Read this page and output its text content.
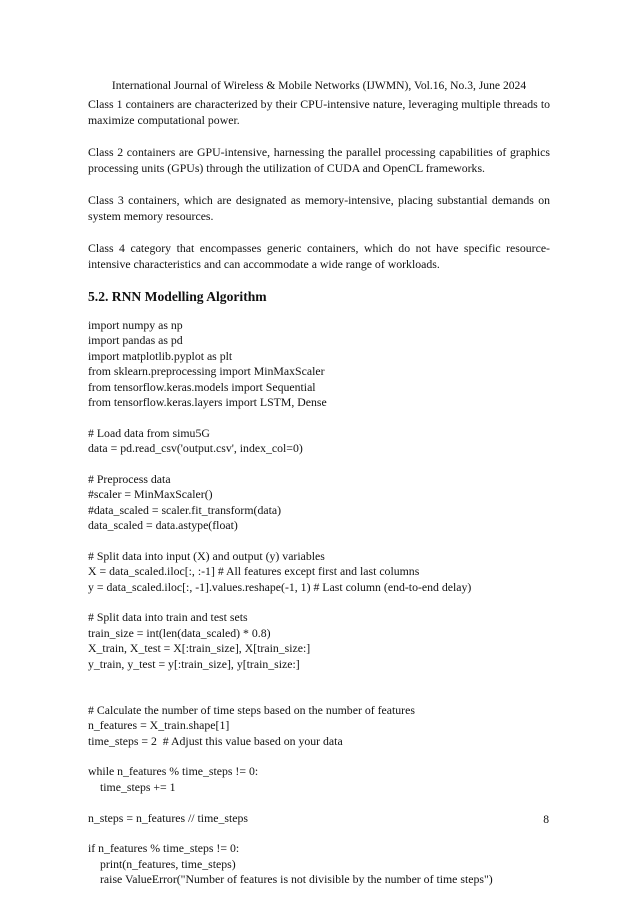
International Journal of Wireless & Mobile Networks (IJWMN), Vol.16, No.3, June 2024

Class 1 containers are characterized by their CPU-intensive nature, leveraging multiple threads to maximize computational power.

Class 2 containers are GPU-intensive, harnessing the parallel processing capabilities of graphics processing units (GPUs) through the utilization of CUDA and OpenCL frameworks.

Class 3 containers, which are designated as memory-intensive, placing substantial demands on system memory resources.

Class 4 category that encompasses generic containers, which do not have specific resource-intensive characteristics and can accommodate a wide range of workloads.

5.2. RNN Modelling Algorithm
import numpy as np
import pandas as pd
import matplotlib.pyplot as plt
from sklearn.preprocessing import MinMaxScaler
from tensorflow.keras.models import Sequential
from tensorflow.keras.layers import LSTM, Dense
# Load data from simu5G
data = pd.read_csv('output.csv', index_col=0)
# Preprocess data
#scaler = MinMaxScaler()
#data_scaled = scaler.fit_transform(data)
data_scaled = data.astype(float)
# Split data into input (X) and output (y) variables
X = data_scaled.iloc[:, :-1] # All features except first and last columns
y = data_scaled.iloc[:, -1].values.reshape(-1, 1) # Last column (end-to-end delay)
# Split data into train and test sets
train_size = int(len(data_scaled) * 0.8)
X_train, X_test = X[:train_size], X[train_size:]
y_train, y_test = y[:train_size], y[train_size:]
# Calculate the number of time steps based on the number of features
n_features = X_train.shape[1]
time_steps = 2  # Adjust this value based on your data
while n_features % time_steps != 0:
time_steps += 1
n_steps = n_features // time_steps
if n_features % time_steps != 0:
print(n_features, time_steps)
raise ValueError("Number of features is not divisible by the number of time steps")
8
